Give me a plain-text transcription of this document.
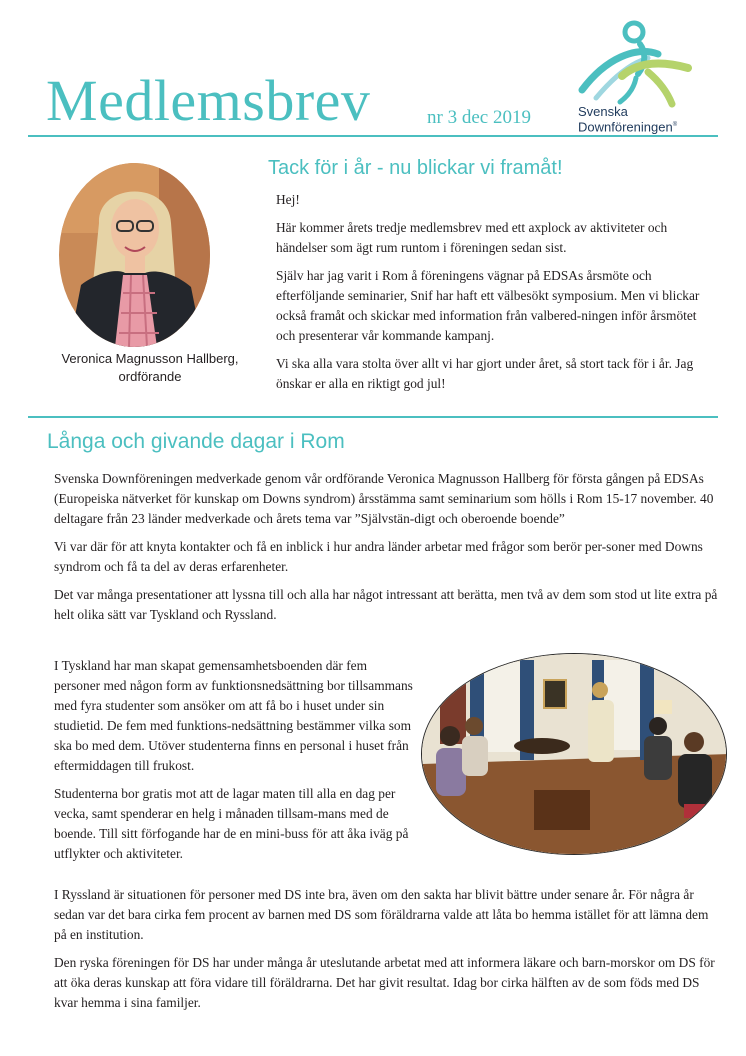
Medlemsbrev	nr 3 dec 2019	Svenska
Downföreningen®
Veronica Magnusson Hallberg,
ordförande
Tack för i år - nu blickar vi framåt!

Hej!

Här kommer årets tredje medlemsbrev med ett axplock av aktiviteter och händelser som ägt rum runtom i föreningen sedan sist.

Själv har jag varit i Rom å föreningens vägnar på EDSAs årsmöte och efterföljande seminarier, Snif har haft ett välbesökt symposium. Men vi blickar också framåt och skickar med information från valbered-ningen inför årsmötet och presenterar vår kommande kampanj.

Vi ska alla vara stolta över allt vi har gjort under året, så stort tack för i år. Jag önskar er alla en riktigt god jul!

Långa och givande dagar i Rom

Svenska Downföreningen medverkade genom vår ordförande Veronica Magnusson Hallberg för första gången på EDSAs (Europeiska nätverket för kunskap om Downs syndrom) årsstämma samt seminarium som hölls i Rom 15-17 november. 40 deltagare från 23 länder medverkade och årets tema var ”Självstän-digt och oberoende boende”

Vi var där för att knyta kontakter och få en inblick i hur andra länder arbetar med frågor som berör per-soner med Downs syndrom och få ta del av deras erfarenheter.

Det var många presentationer att lyssna till och alla har något intressant att berätta, men två av dem som stod ut lite extra på helt olika sätt var Tyskland och Ryssland.

I Tyskland har man skapat gemensamhetsboenden där fem personer med någon form av funktionsnedsättning bor tillsammans med fyra studenter som ansöker om att få bo i huset under sin studietid. De fem med funktions-nedsättning bestämmer vilka som ska bo med dem. Utöver studenterna finns en personal i huset från eftermiddagen till frukost.

Studenterna bor gratis mot att de lagar maten till alla en dag per vecka, samt spenderar en helg i månaden tillsam-mans med de boende. Till sitt förfogande har de en mini-buss för att åka iväg på utflykter och aktiviteter.

I Ryssland är situationen för personer med DS inte bra, även om den sakta har blivit bättre under senare år. För några år sedan var det bara cirka fem procent av barnen med DS som föräldrarna valde att låta bo hemma istället för att lämna dem på en institution.

Den ryska föreningen för DS har under många år uteslutande arbetat med att informera läkare och barn-morskor om DS för att öka deras kunskap att föra vidare till föräldrarna. Det har givit resultat. Idag bor cirka hälften av de som föds med DS kvar hemma i sina familjer.
